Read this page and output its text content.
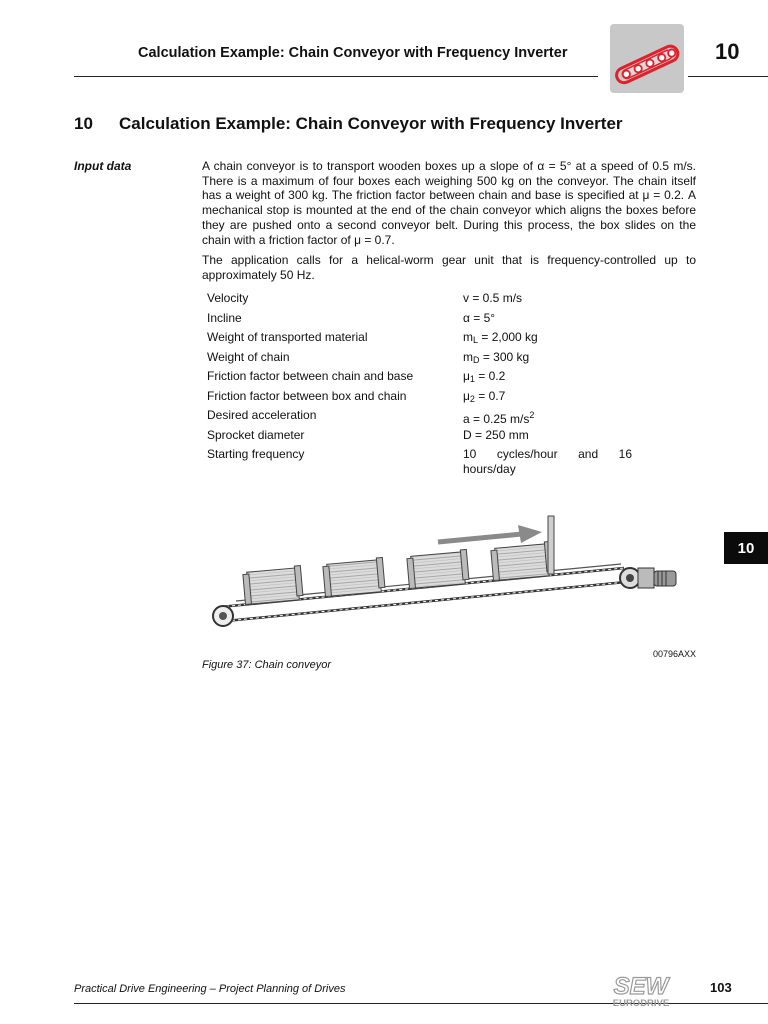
Calculation Example: Chain Conveyor with Frequency Inverter	10
10 Calculation Example: Chain Conveyor with Frequency Inverter
Input data	A chain conveyor is to transport wooden boxes up a slope of α = 5° at a speed of 0.5 m/s. There is a maximum of four boxes each weighing 500 kg on the conveyor. The chain itself has a weight of 300 kg. The friction factor between chain and base is specified at μ = 0.2. A mechanical stop is mounted at the end of the chain conveyor which aligns the boxes before they are pushed onto a second conveyor belt. During this process, the box slides on the chain with a friction factor of μ = 0.7.

The application calls for a helical-worm gear unit that is frequency-controlled up to approximately 50 Hz.

Velocity	v = 0.5 m/s
Incline	α = 5°
Weight of transported material	$m_L = 2,000$ kg
Weight of chain	$m_D = 300$ kg
Friction factor between chain and base	$\mu_1 = 0.2$
Friction factor between box and chain	$\mu_2 = 0.7$
Desired acceleration	a = 0.25 $m/s^2$
Sprocket diameter	D = 250 mm
Starting frequency	10 cycles/hour and 16 hours/day
00796AXX
Figure 37: Chain conveyor
10
Practical Drive Engineering – Project Planning of Drives	SEW
EURODRIVE
103
